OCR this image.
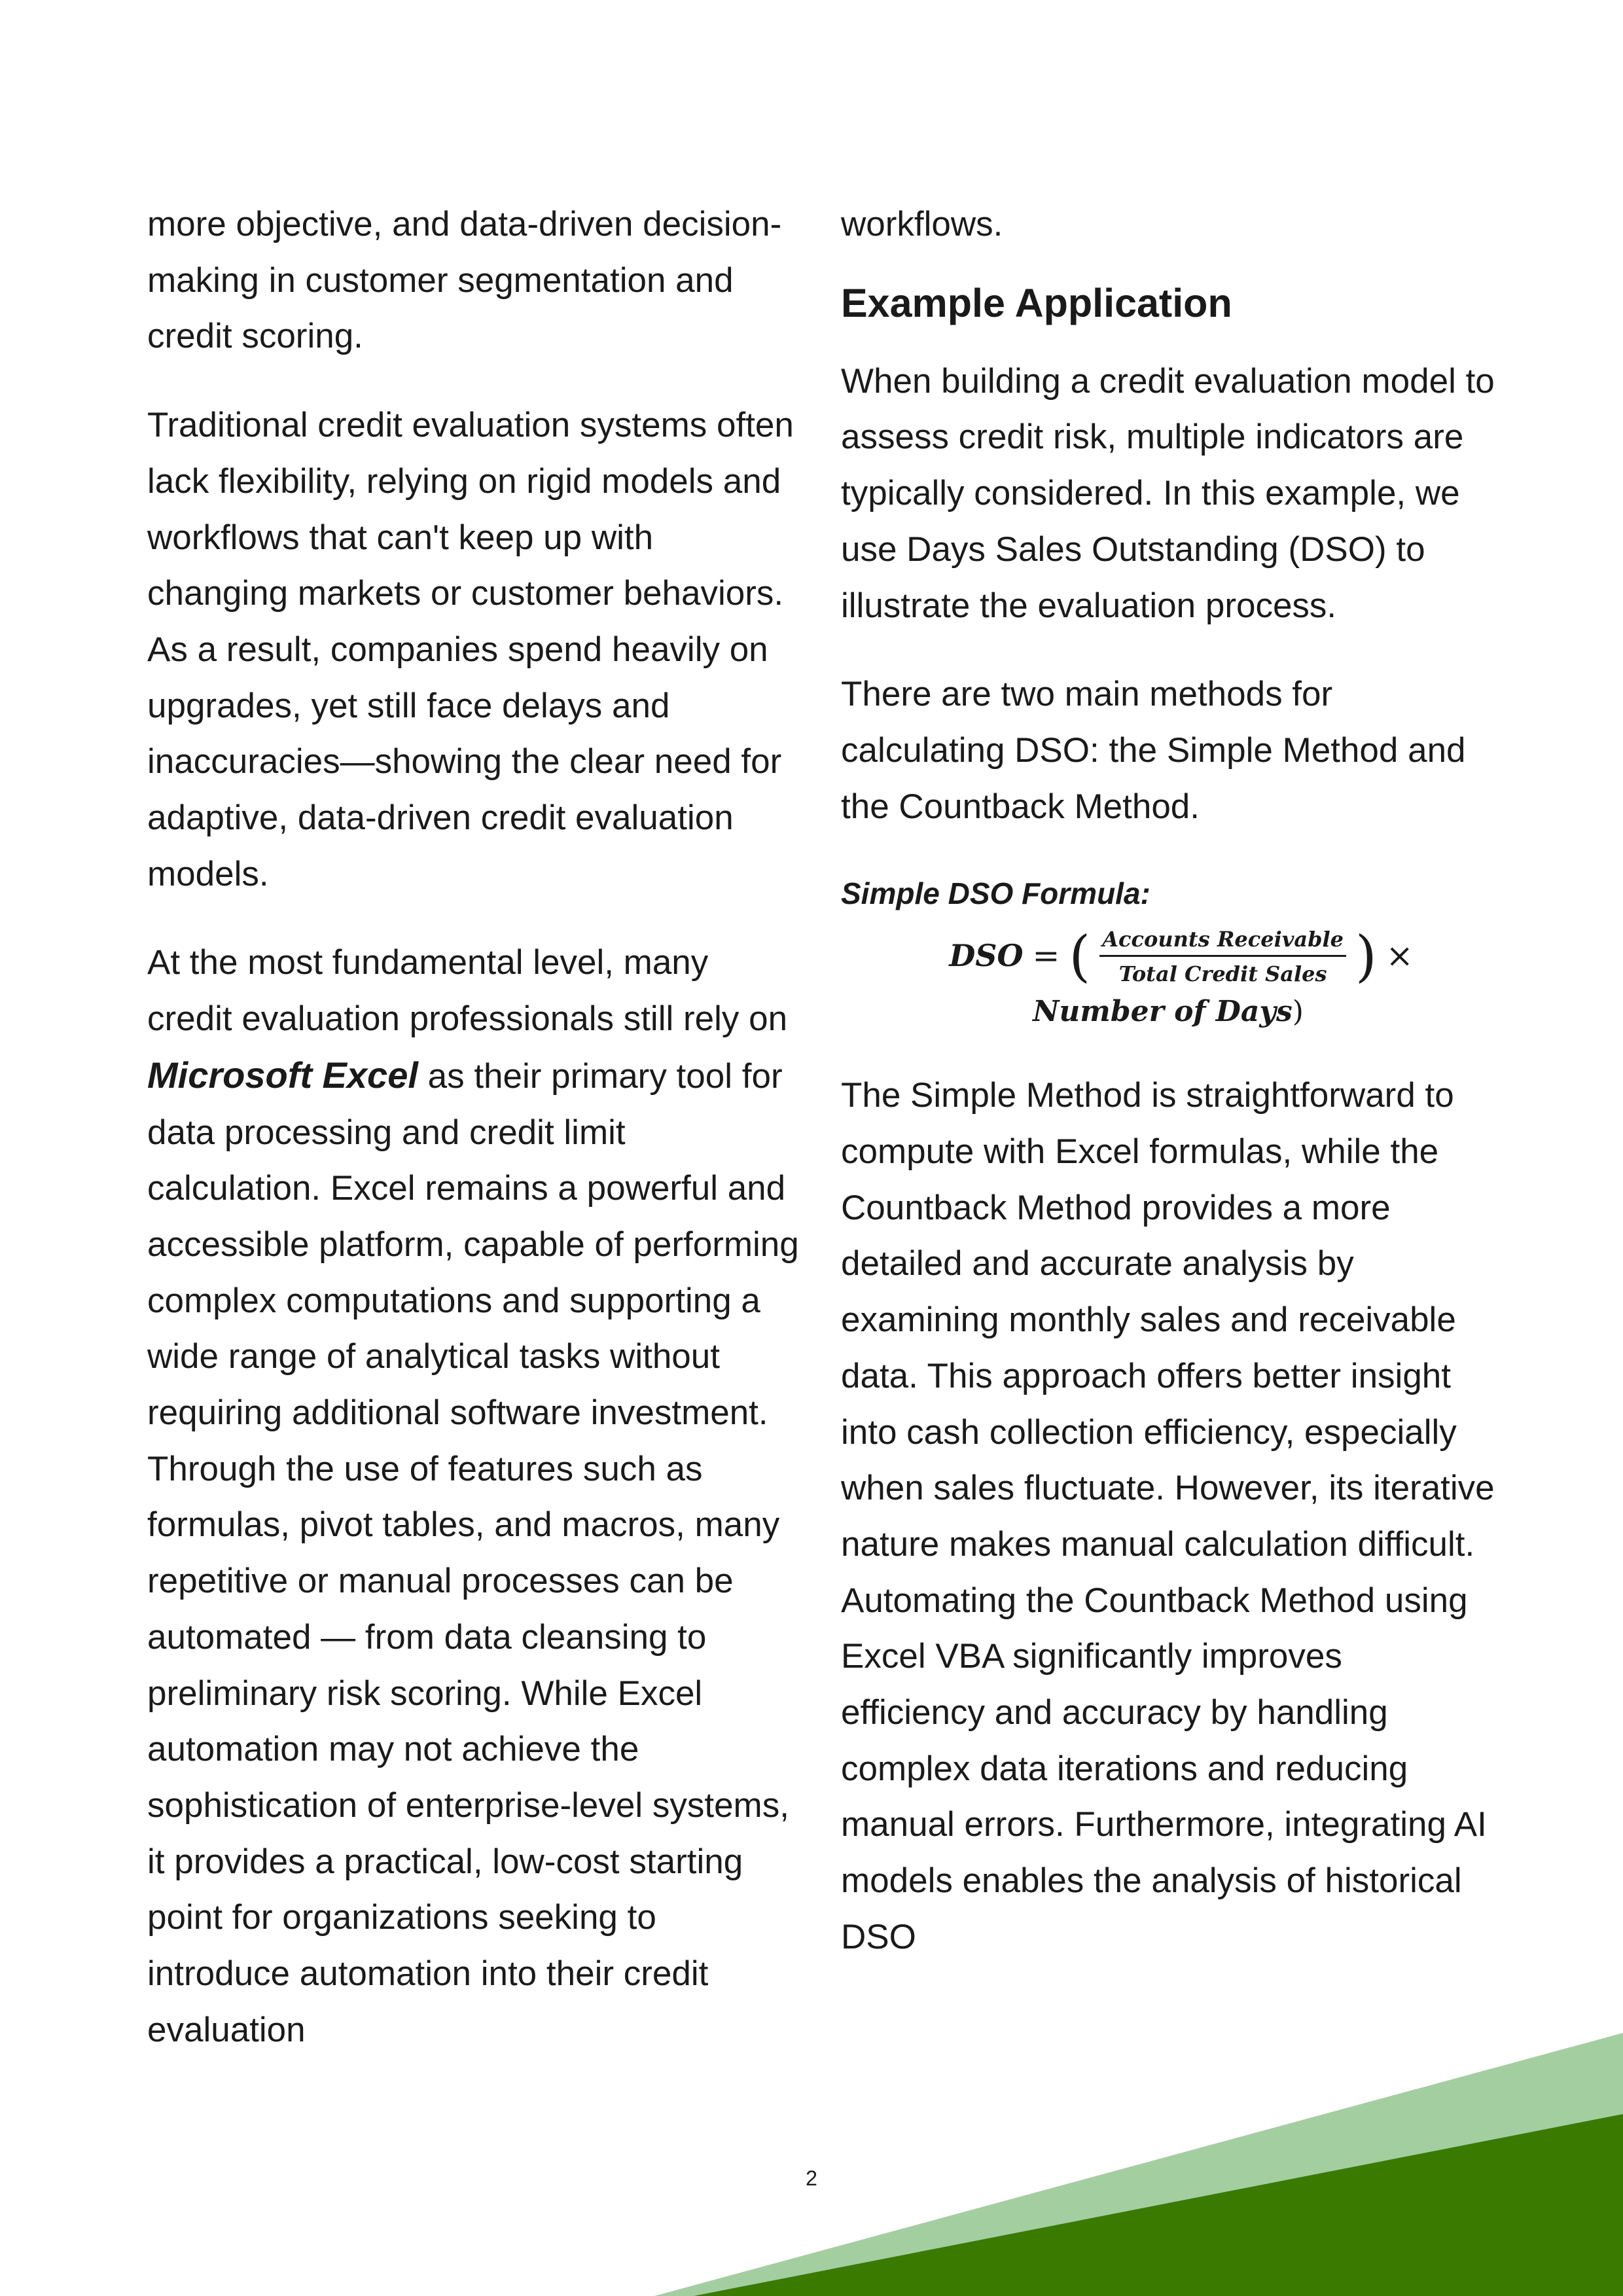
more objective, and data-driven decision-making in customer segmentation and credit scoring.

Traditional credit evaluation systems often lack flexibility, relying on rigid models and workflows that can't keep up with changing markets or customer behaviors. As a result, companies spend heavily on upgrades, yet still face delays and inaccuracies—showing the clear need for adaptive, data-driven credit evaluation models.

At the most fundamental level, many credit evaluation professionals still rely on Microsoft Excel as their primary tool for data processing and credit limit calculation. Excel remains a powerful and accessible platform, capable of performing complex computations and supporting a wide range of analytical tasks without requiring additional software investment. Through the use of features such as formulas, pivot tables, and macros, many repetitive or manual processes can be automated — from data cleansing to preliminary risk scoring. While Excel automation may not achieve the sophistication of enterprise-level systems, it provides a practical, low-cost starting point for organizations seeking to introduce automation into their credit evaluation

workflows.

Example Application

When building a credit evaluation model to assess credit risk, multiple indicators are typically considered. In this example, we use Days Sales Outstanding (DSO) to illustrate the evaluation process.

There are two main methods for calculating DSO: the Simple Method and the Countback Method.

Simple DSO Formula:
DSO = ( $\frac{\text{Accounts Receivable}}{\text{Total Credit Sales}}$ ) ×
Number of Days)

The Simple Method is straightforward to compute with Excel formulas, while the Countback Method provides a more detailed and accurate analysis by examining monthly sales and receivable data. This approach offers better insight into cash collection efficiency, especially when sales fluctuate. However, its iterative nature makes manual calculation difficult. Automating the Countback Method using Excel VBA significantly improves efficiency and accuracy by handling complex data iterations and reducing manual errors. Furthermore, integrating AI models enables the analysis of historical DSO

2
